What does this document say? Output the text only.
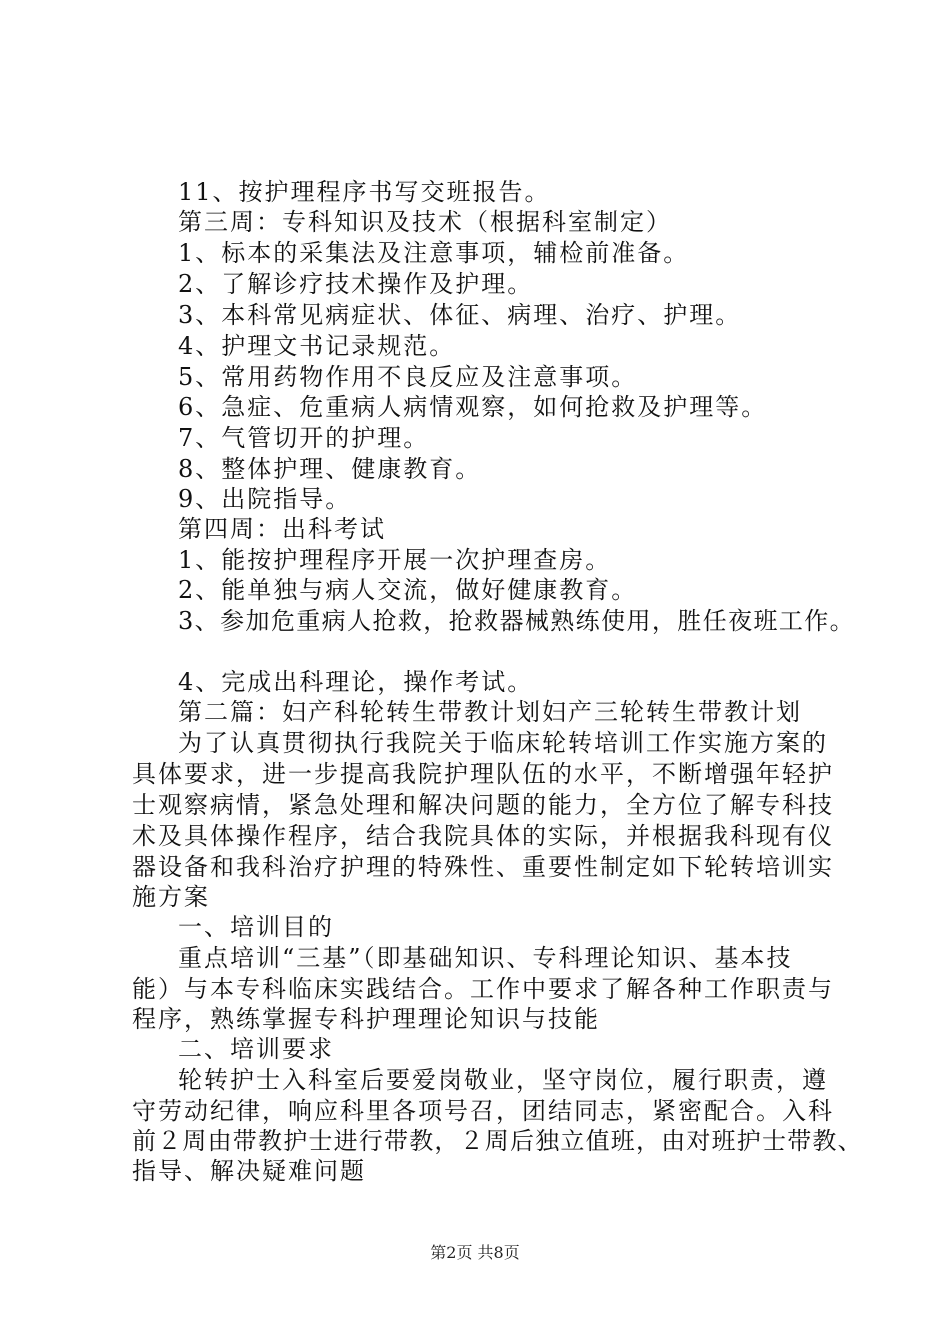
11、按护理程序书写交班报告。
第三周：专科知识及技术（根据科室制定）
1、标本的采集法及注意事项，辅检前准备。
2、了解诊疗技术操作及护理。
3、本科常见病症状、体征、病理、治疗、护理。
4、护理文书记录规范。
5、常用药物作用不良反应及注意事项。
6、急症、危重病人病情观察，如何抢救及护理等。
7、气管切开的护理。
8、整体护理、健康教育。
9、出院指导。
第四周：出科考试
1、能按护理程序开展一次护理查房。
2、能单独与病人交流，做好健康教育。
3、参加危重病人抢救，抢救器械熟练使用，胜任夜班工作。
4、完成出科理论，操作考试。
第二篇：妇产科轮转生带教计划妇产三轮转生带教计划
为了认真贯彻执行我院关于临床轮转培训工作实施方案的
具体要求，进一步提高我院护理队伍的水平，不断增强年轻护
士观察病情，紧急处理和解决问题的能力，全方位了解专科技
术及具体操作程序，结合我院具体的实际，并根据我科现有仪
器设备和我科治疗护理的特殊性、重要性制定如下轮转培训实
施方案
一、培训目的
重点培训“三基”（即基础知识、专科理论知识、基本技
能）与本专科临床实践结合。工作中要求了解各种工作职责与
程序，熟练掌握专科护理理论知识与技能
二、培训要求
轮转护士入科室后要爱岗敬业，坚守岗位，履行职责，遵
守劳动纪律，响应科里各项号召，团结同志，紧密配合。入科
前２周由带教护士进行带教，２周后独立值班，由对班护士带教、
指导、解决疑难问题
第2页 共8页
